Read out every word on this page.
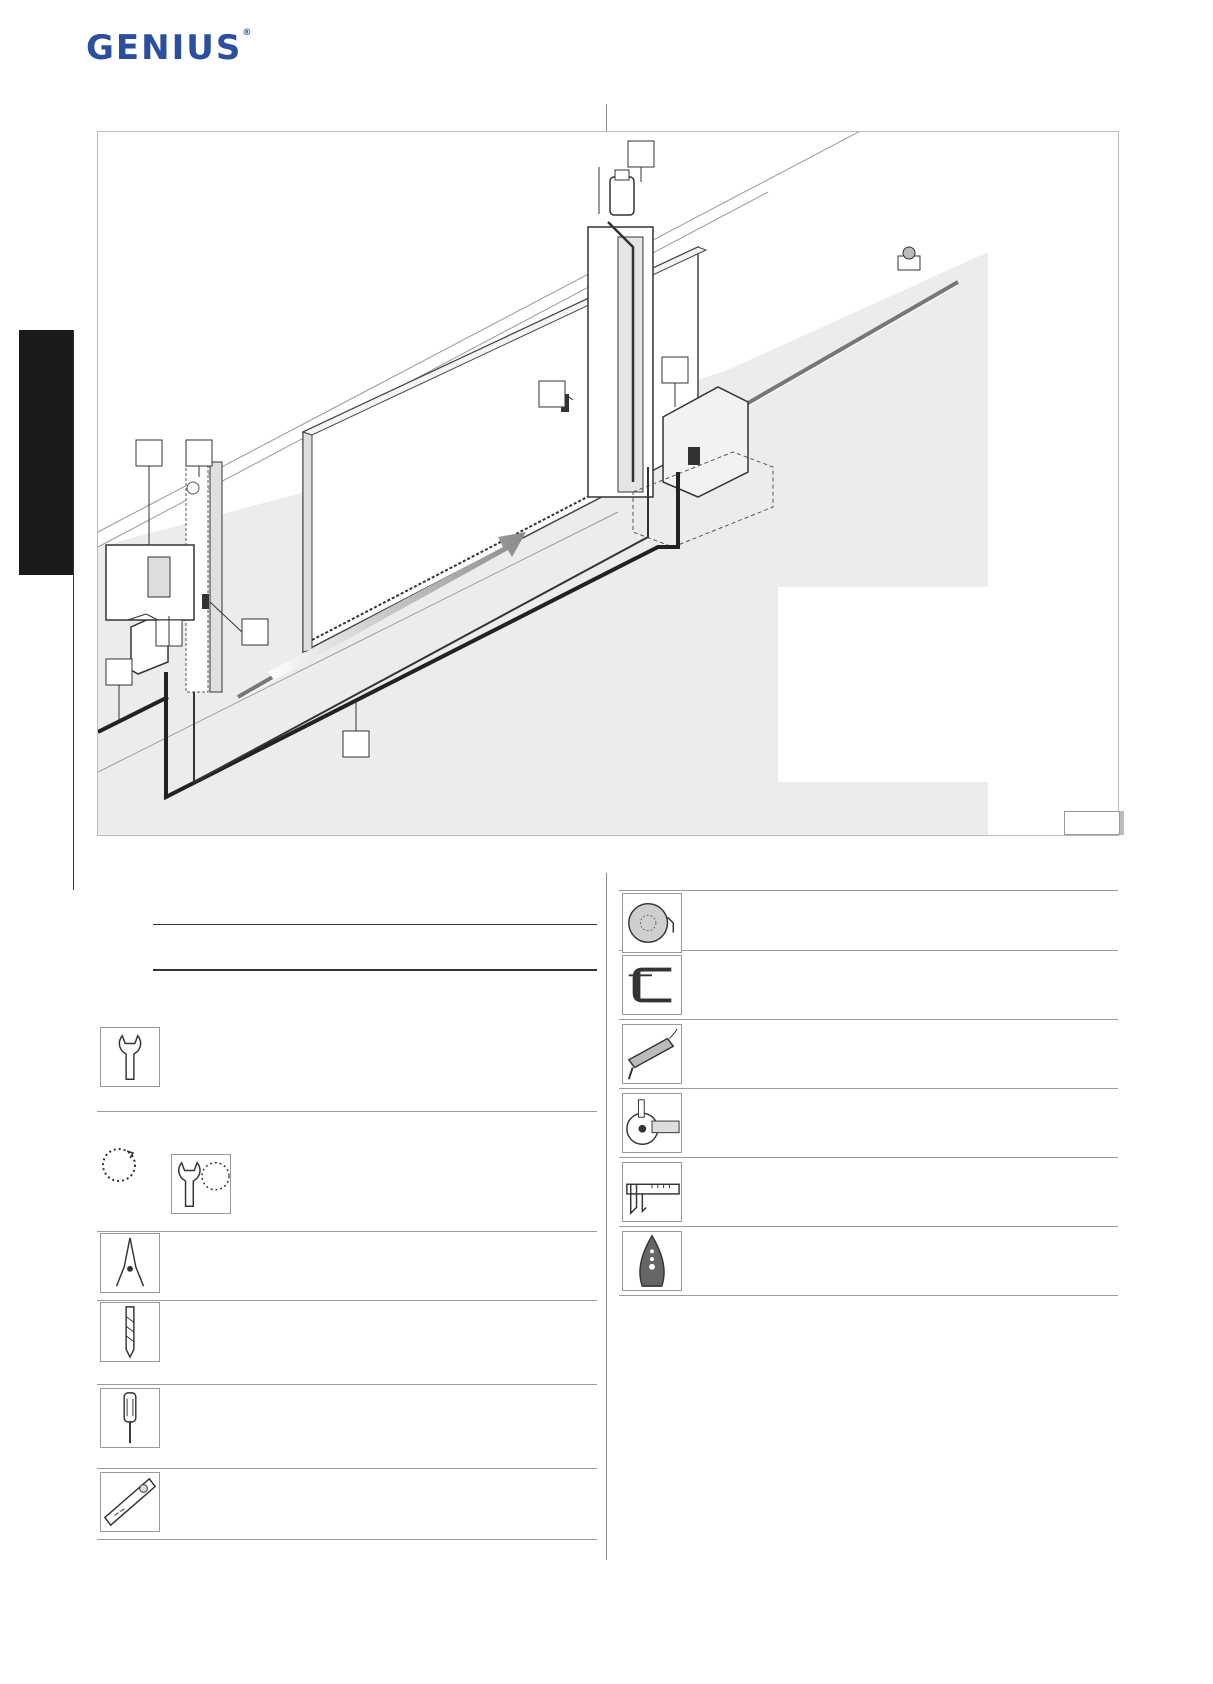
GENIUS®
